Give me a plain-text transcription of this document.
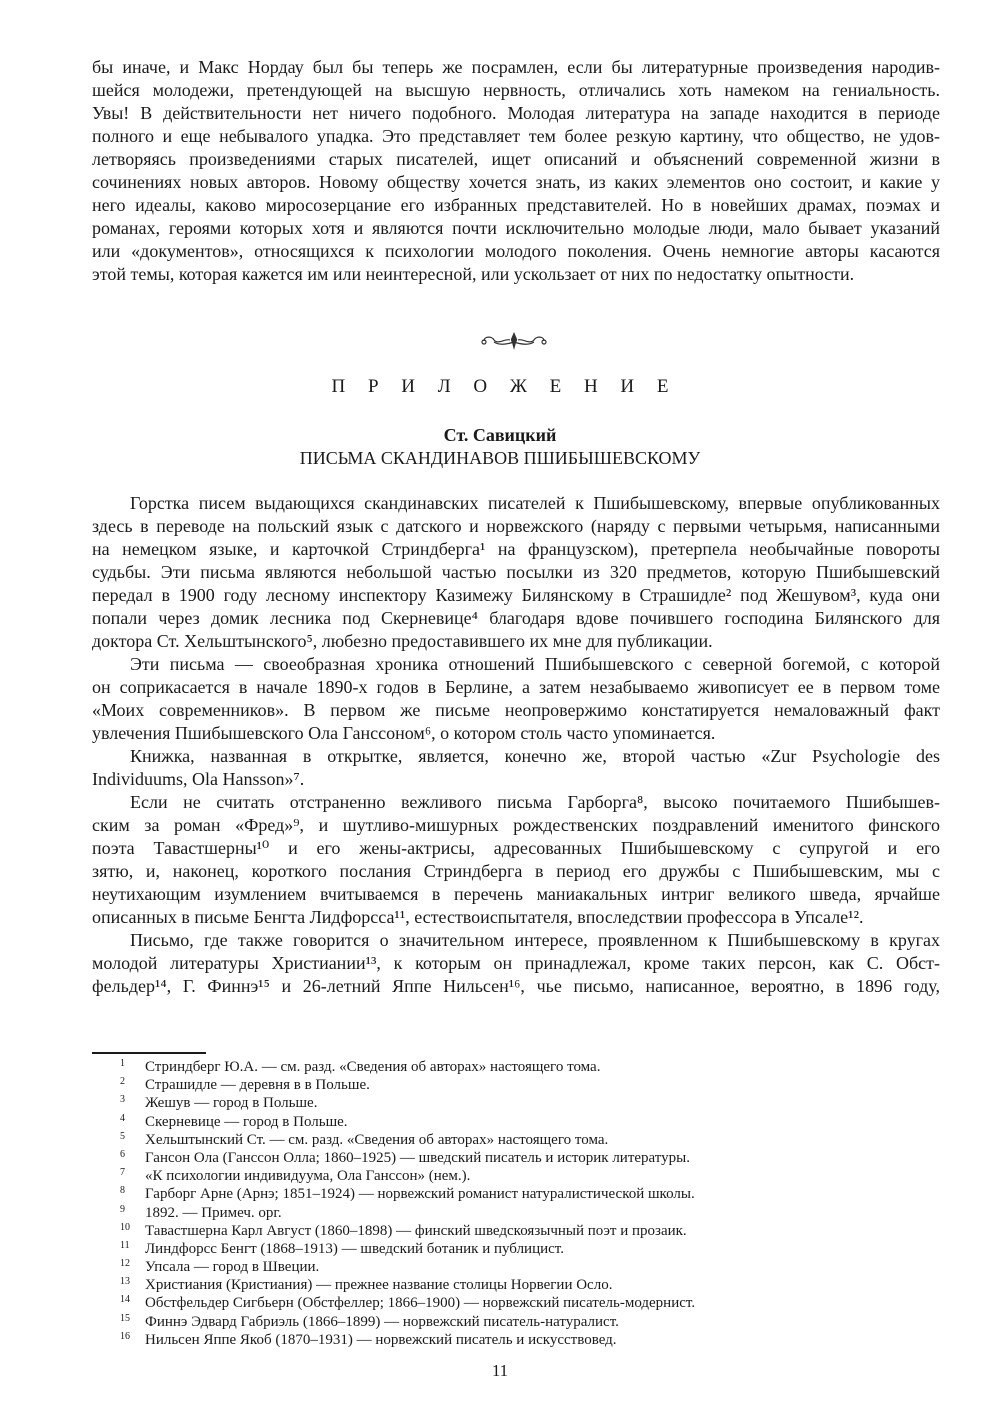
бы иначе, и Макс Нордау был бы теперь же посрамлен, если бы литературные произведения народив-
шейся молодежи, претендующей на высшую нервность, отличались хоть намеком на гениальность.
Увы! В действительности нет ничего подобного. Молодая литература на западе находится в периоде
полного и еще небывалого упадка. Это представляет тем более резкую картину, что общество, не удов-
летворяясь произведениями старых писателей, ищет описаний и объяснений современной жизни в
сочинениях новых авторов. Новому обществу хочется знать, из каких элементов оно состоит, и какие у
него идеалы, каково миросозерцание его избранных представителей. Но в новейших драмах, поэмах и
романах, героями которых хотя и являются почти исключительно молодые люди, мало бывает указаний
или «документов», относящихся к психологии молодого поколения. Очень немногие авторы касаются
этой темы, которая кажется им или неинтересной, или ускользает от них по недостатку опытности.
П Р И Л О Ж Е Н И Е
Ст. Савицкий
ПИСЬМА СКАНДИНАВОВ ПШИБЫШЕВСКОМУ
Горстка писем выдающихся скандинавских писателей к Пшибышевскому, впервые опубликованных
здесь в переводе на польский язык с датского и норвежского (наряду с первыми четырьмя, написанными
на немецком языке, и карточкой Стриндберга¹ на французском), претерпела необычайные повороты
судьбы. Эти письма являются небольшой частью посылки из 320 предметов, которую Пшибышевский
передал в 1900 году лесному инспектору Казимежу Билянскому в Страшидле² под Жешувом³, куда они
попали через домик лесника под Скерневице⁴ благодаря вдове почившего господина Билянского для
доктора Ст. Хельштынского⁵, любезно предоставившего их мне для публикации.
Эти письма — своеобразная хроника отношений Пшибышевского с северной богемой, с которой
он соприкасается в начале 1890-х годов в Берлине, а затем незабываемо живописует ее в первом томе
«Моих современников». В первом же письме неопровержимо констатируется немаловажный факт
увлечения Пшибышевского Ола Ганссоном⁶, о котором столь часто упоминается.
Книжка, названная в открытке, является, конечно же, второй частью «Zur Psychologie des
Individuums, Ola Hansson»⁷.
Если не считать отстраненно вежливого письма Гарборга⁸, высоко почитаемого Пшибышев-
ским за роман «Фред»⁹, и шутливо-мишурных рождественских поздравлений именитого финского
поэта Тавастшерны¹⁰ и его жены-актрисы, адресованных Пшибышевскому с супругой и его
зятю, и, наконец, короткого послания Стриндберга в период его дружбы с Пшибышевским, мы с
неутихающим изумлением вчитываемся в перечень маниакальных интриг великого шведа, ярчайше
описанных в письме Бенгта Лидфорсса¹¹, естествоиспытателя, впоследствии профессора в Упсале¹².
Письмо, где также говорится о значительном интересе, проявленном к Пшибышевскому в кругах
молодой литературы Христиании¹³, к которым он принадлежал, кроме таких персон, как С. Обст-
фельдер¹⁴, Г. Финнэ¹⁵ и 26-летний Яппе Нильсен¹⁶, чье письмо, написанное, вероятно, в 1896 году,
1	Стриндберг Ю.А. — см. разд. «Сведения об авторах» настоящего тома.
2	Страшидле — деревня в в Польше.
3	Жешув — город в Польше.
4	Скерневице — город в Польше.
5	Хельштынский Ст. — см. разд. «Сведения об авторах» настоящего тома.
6	Гансон Ола (Ганссон Олла; 1860–1925) — шведский писатель и историк литературы.
7	«К психологии индивидуума, Ола Ганссон» (нем.).
8	Гарборг Арне (Арнэ; 1851–1924) — норвежский романист натуралистической школы.
9	1892. — Примеч. орг.
10	Тавастшерна Карл Август (1860–1898) — финский шведскоязычный поэт и прозаик.
11	Линдфорсс Бенгт (1868–1913) — шведский ботаник и публицист.
12	Упсала — город в Швеции.
13	Христиания (Кристиания) — прежнее название столицы Норвегии Осло.
14	Обстфельдер Сигбьерн (Обстфеллер; 1866–1900) — норвежский писатель-модернист.
15	Финнэ Эдвард Габриэль (1866–1899) — норвежский писатель-натуралист.
16	Нильсен Яппе Якоб (1870–1931) — норвежский писатель и искусствовед.
11
